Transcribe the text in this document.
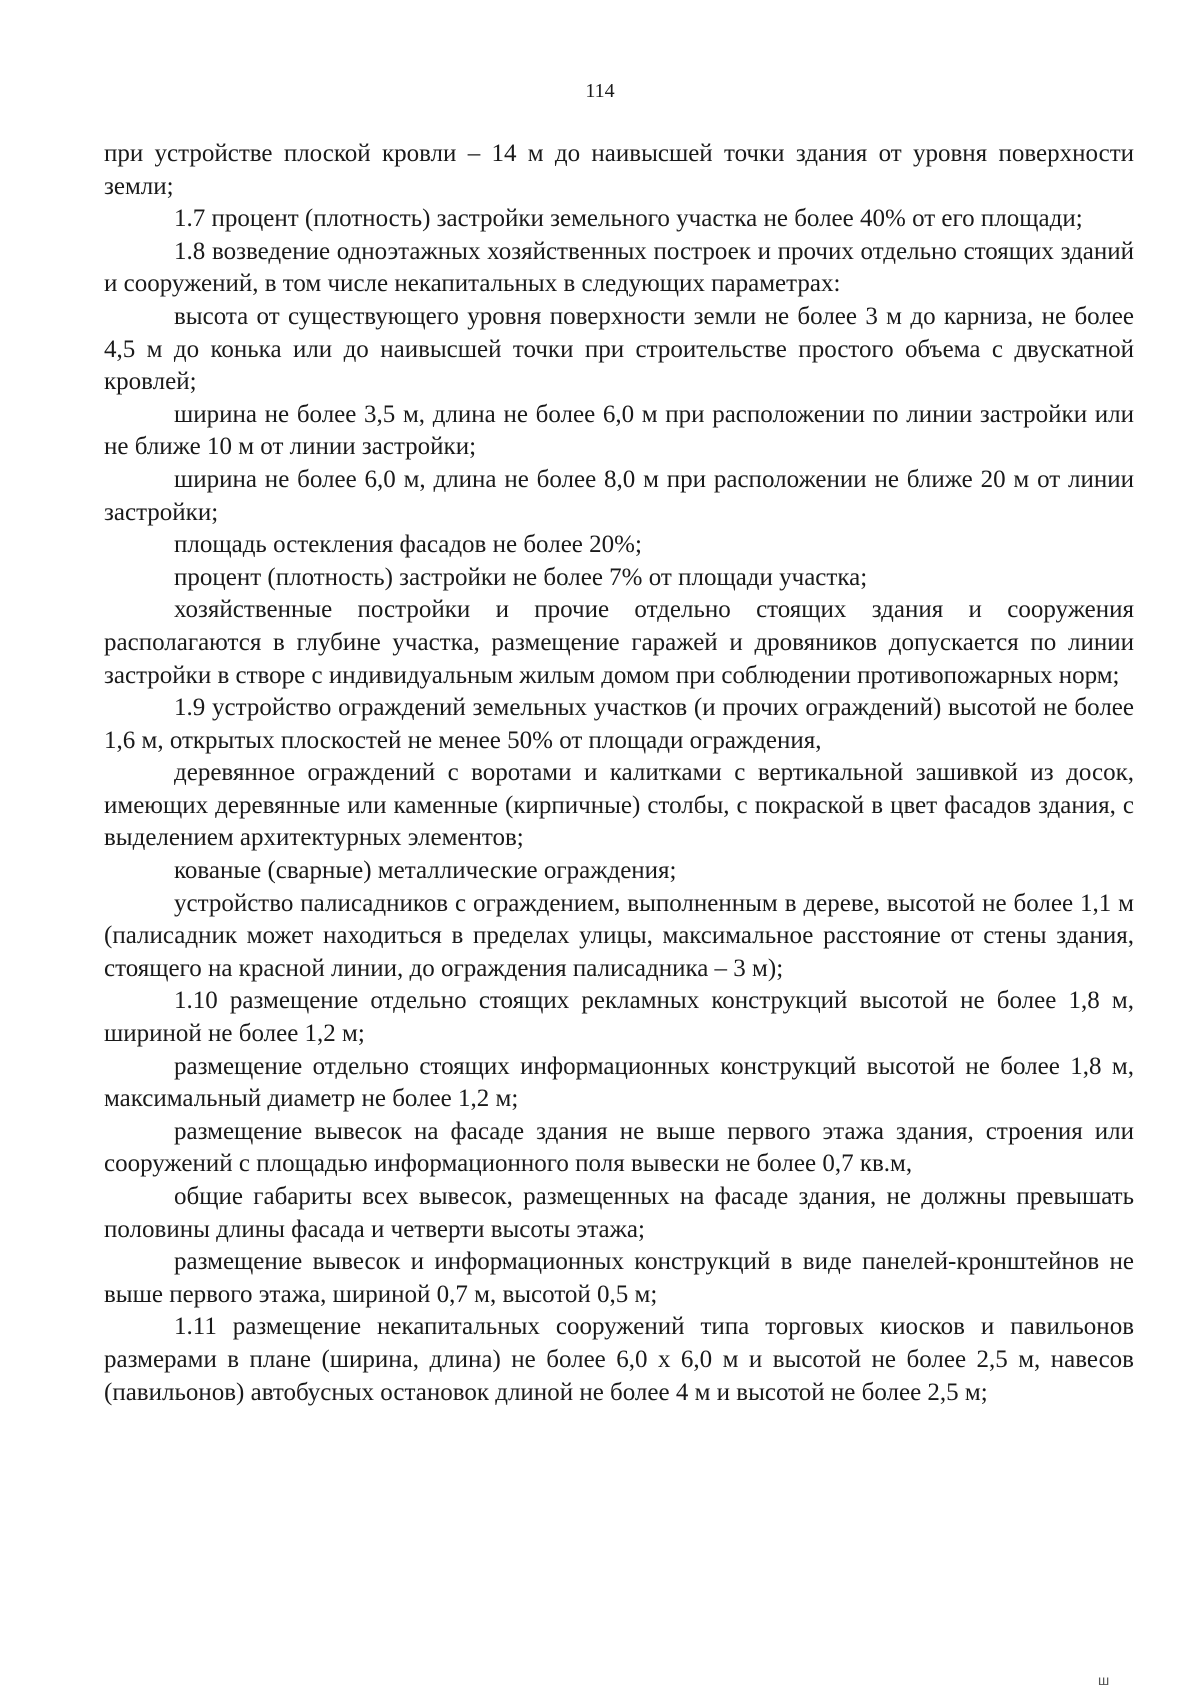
114

при устройстве плоской кровли – 14 м до наивысшей точки здания от уровня поверхности земли;

1.7 процент (плотность) застройки земельного участка не более 40% от его площади;

1.8 возведение одноэтажных хозяйственных построек и прочих отдельно стоящих зданий и сооружений, в том числе некапитальных в следующих параметрах:

высота от существующего уровня поверхности земли не более 3 м до карниза, не более 4,5 м до конька или до наивысшей точки при строительстве простого объема с двускатной кровлей;

ширина не более 3,5 м, длина не более 6,0 м при расположении по линии застройки или не ближе 10 м от линии застройки;

ширина не более 6,0 м, длина не более 8,0 м при расположении не ближе 20 м от линии застройки;

площадь остекления фасадов не более 20%;

процент (плотность) застройки не более 7% от площади участка;

хозяйственные постройки и прочие отдельно стоящих здания и сооружения располагаются в глубине участка, размещение гаражей и дровяников допускается по линии застройки в створе с индивидуальным жилым домом при соблюдении противопожарных норм;

1.9 устройство ограждений земельных участков (и прочих ограждений) высотой не более 1,6 м, открытых плоскостей не менее 50% от площади ограждения,

деревянное ограждений с воротами и калитками с вертикальной зашивкой из досок, имеющих деревянные или каменные (кирпичные) столбы, с покраской в цвет фасадов здания, с выделением архитектурных элементов;

кованые (сварные) металлические ограждения;

устройство палисадников с ограждением, выполненным в дереве, высотой не более 1,1 м (палисадник может находиться в пределах улицы, максимальное расстояние от стены здания, стоящего на красной линии, до ограждения палисадника – 3 м);

1.10 размещение отдельно стоящих рекламных конструкций высотой не более 1,8 м, шириной не более 1,2 м;

размещение отдельно стоящих информационных конструкций высотой не более 1,8 м, максимальный диаметр не более 1,2 м;

размещение вывесок на фасаде здания не выше первого этажа здания, строения или сооружений с площадью информационного поля вывески не более 0,7 кв.м,

общие габариты всех вывесок, размещенных на фасаде здания, не должны превышать половины длины фасада и четверти высоты этажа;

размещение вывесок и информационных конструкций в виде панелей-кронштейнов не выше первого этажа, шириной 0,7 м, высотой 0,5 м;

1.11 размещение некапитальных сооружений типа торговых киосков и павильонов размерами в плане (ширина, длина) не более 6,0 x 6,0 м и высотой не более 2,5 м, навесов (павильонов) автобусных остановок длиной не более 4 м и высотой не более 2,5 м;

ш
